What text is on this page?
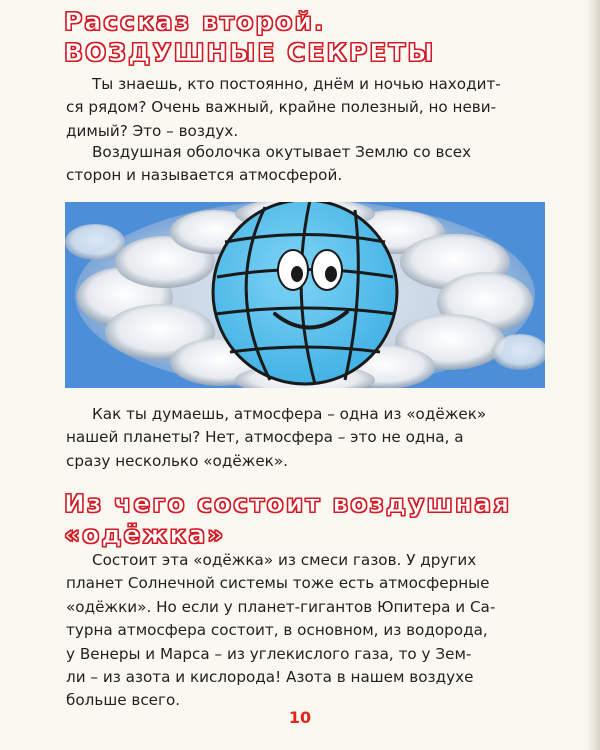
Рассказ второй.
ВОЗДУШНЫЕ СЕКРЕТЫ

Ты знаешь, кто постоянно, днём и ночью находит-
ся рядом? Очень важный, крайне полезный, но неви-
димый? Это – воздух.

Воздушная оболочка окутывает Землю со всех
сторон и называется атмосферой.

Как ты думаешь, атмосфера – одна из «одёжек»
нашей планеты? Нет, атмосфера – это не одна, а
сразу несколько «одёжек».

Из чего состоит воздушная
«одёжка»

Состоит эта «одёжка» из смеси газов. У других
планет Солнечной системы тоже есть атмосферные
«одёжки». Но если у планет-гигантов Юпитера и Са-
турна атмосфера состоит, в основном, из водорода,
у Венеры и Марса – из углекислого газа, то у Зем-
ли – из азота и кислорода! Азота в нашем воздухе
больше всего.

10
